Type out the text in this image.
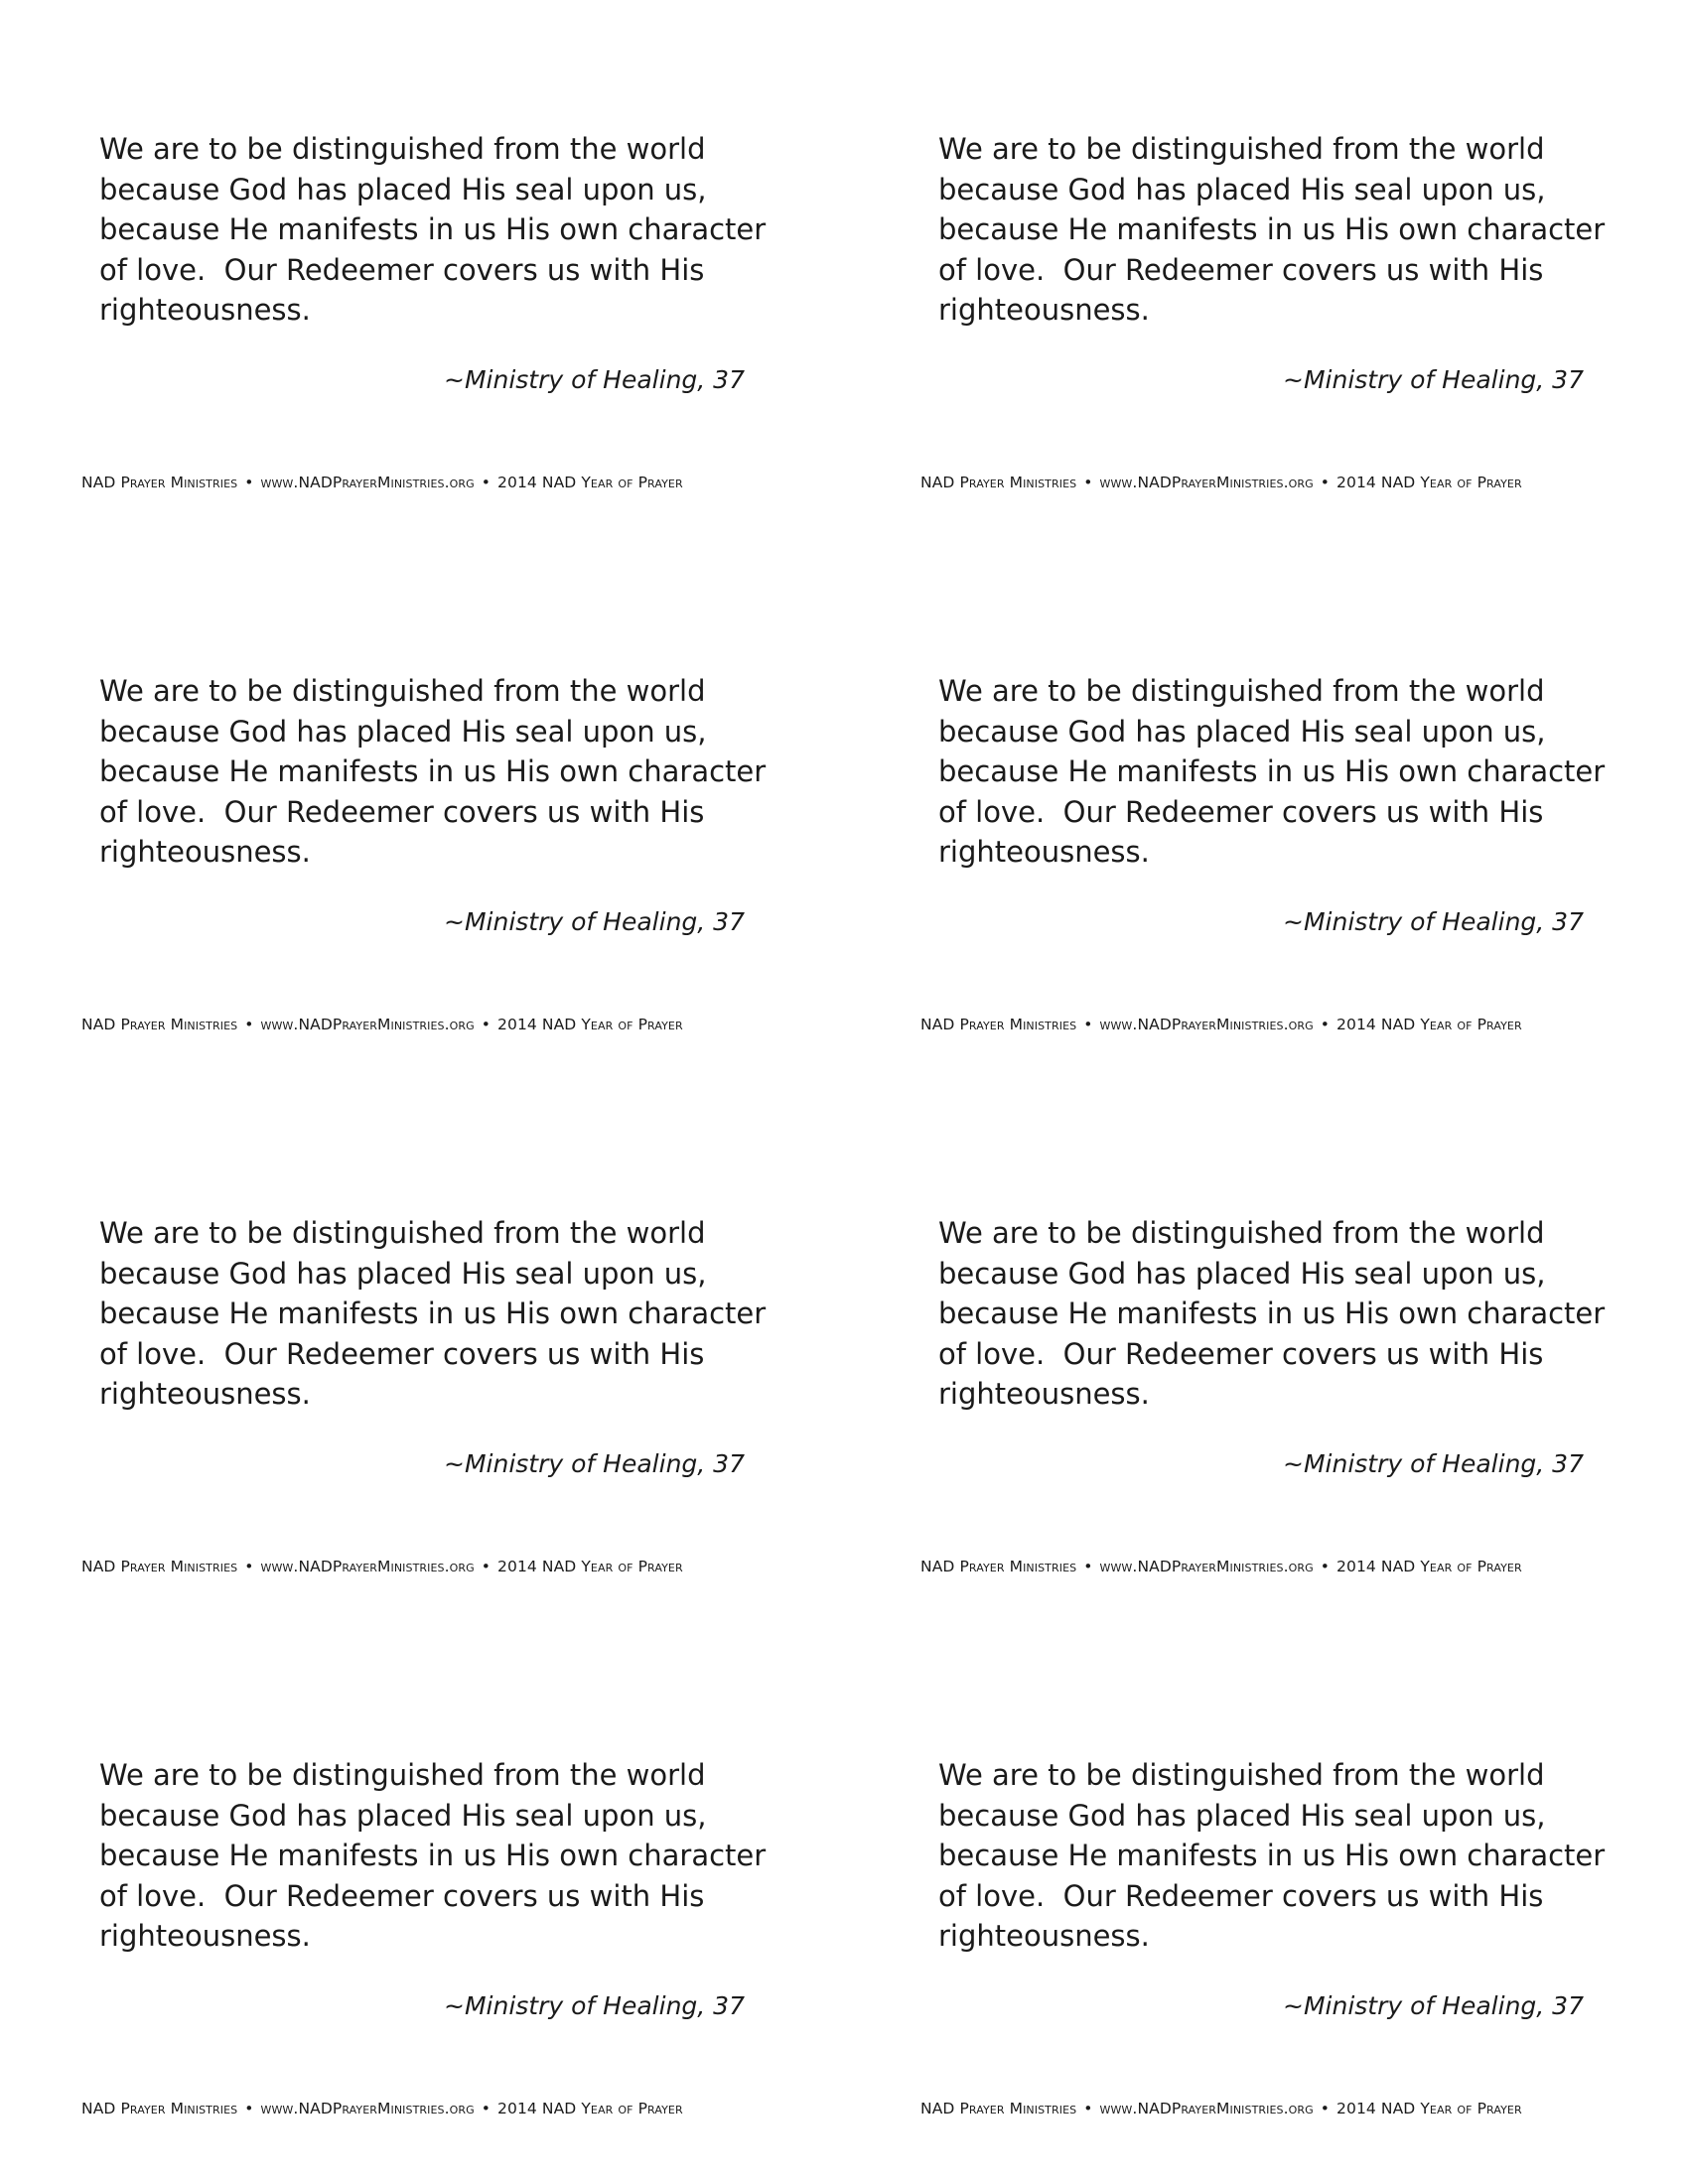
We are to be distinguished from the world
because God has placed His seal upon us,
because He manifests in us His own character
of love.  Our Redeemer covers us with His
righteousness.
~Ministry of Healing, 37
NAD Prayer Ministries • www.NADPrayerMinistries.org • 2014 NAD Year of Prayer
We are to be distinguished from the world
because God has placed His seal upon us,
because He manifests in us His own character
of love.  Our Redeemer covers us with His
righteousness.
~Ministry of Healing, 37
NAD Prayer Ministries • www.NADPrayerMinistries.org • 2014 NAD Year of Prayer
We are to be distinguished from the world
because God has placed His seal upon us,
because He manifests in us His own character
of love.  Our Redeemer covers us with His
righteousness.
~Ministry of Healing, 37
NAD Prayer Ministries • www.NADPrayerMinistries.org • 2014 NAD Year of Prayer
We are to be distinguished from the world
because God has placed His seal upon us,
because He manifests in us His own character
of love.  Our Redeemer covers us with His
righteousness.
~Ministry of Healing, 37
NAD Prayer Ministries • www.NADPrayerMinistries.org • 2014 NAD Year of Prayer
We are to be distinguished from the world
because God has placed His seal upon us,
because He manifests in us His own character
of love.  Our Redeemer covers us with His
righteousness.
~Ministry of Healing, 37
NAD Prayer Ministries • www.NADPrayerMinistries.org • 2014 NAD Year of Prayer
We are to be distinguished from the world
because God has placed His seal upon us,
because He manifests in us His own character
of love.  Our Redeemer covers us with His
righteousness.
~Ministry of Healing, 37
NAD Prayer Ministries • www.NADPrayerMinistries.org • 2014 NAD Year of Prayer
We are to be distinguished from the world
because God has placed His seal upon us,
because He manifests in us His own character
of love.  Our Redeemer covers us with His
righteousness.
~Ministry of Healing, 37
NAD Prayer Ministries • www.NADPrayerMinistries.org • 2014 NAD Year of Prayer
We are to be distinguished from the world
because God has placed His seal upon us,
because He manifests in us His own character
of love.  Our Redeemer covers us with His
righteousness.
~Ministry of Healing, 37
NAD Prayer Ministries • www.NADPrayerMinistries.org • 2014 NAD Year of Prayer
